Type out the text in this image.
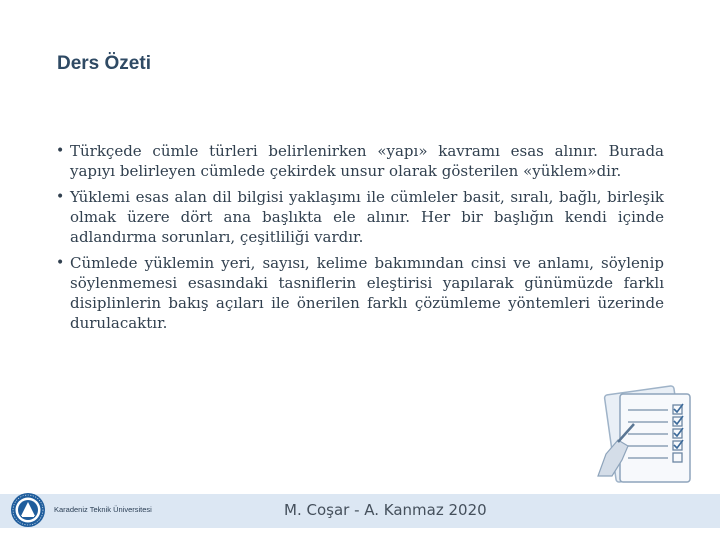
Ders Özeti
• Türkçede cümle türleri belirlenirken «yapı» kavramı esas alınır. Burada yapıyı belirleyen cümlede çekirdek unsur olarak gösterilen «yüklem»dir.
• Yüklemi esas alan dil bilgisi yaklaşımı ile cümleler basit, sıralı, bağlı, birleşik olmak üzere dört ana başlıkta ele alınır. Her bir başlığın kendi içinde adlandırma sorunları, çeşitliliği vardır.
• Cümlede yüklemin yeri, sayısı, kelime bakımından cinsi ve anlamı, söylenip söylenmemesi esasındaki tasniflerin eleştirisi yapılarak günümüzde farklı disiplinlerin bakış açıları ile önerilen farklı çözümleme yöntemleri üzerinde durulacaktır.
Karadeniz Teknik Üniversitesi	M. Coşar - A. Kanmaz 2020
